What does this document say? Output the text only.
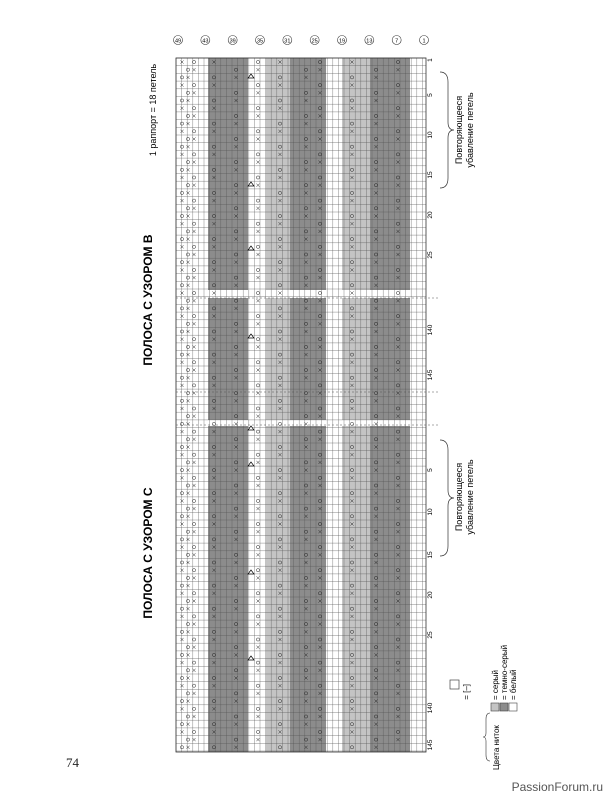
49	43	39	35	31	25	19	13	7	1
1
5
10
15
20
25
140
145
5
10
15
20
25
140
145
ПОЛОСА С УЗОРОМ В
1 раппорт = 18 петель
ПОЛОСА С УЗОРОМ С
Повторяющееся убавление петель
Повторяющееся убавление петель
= [–]
Цвета ниток
= серый = темно-серый = белый
74
PassionForum.ru
